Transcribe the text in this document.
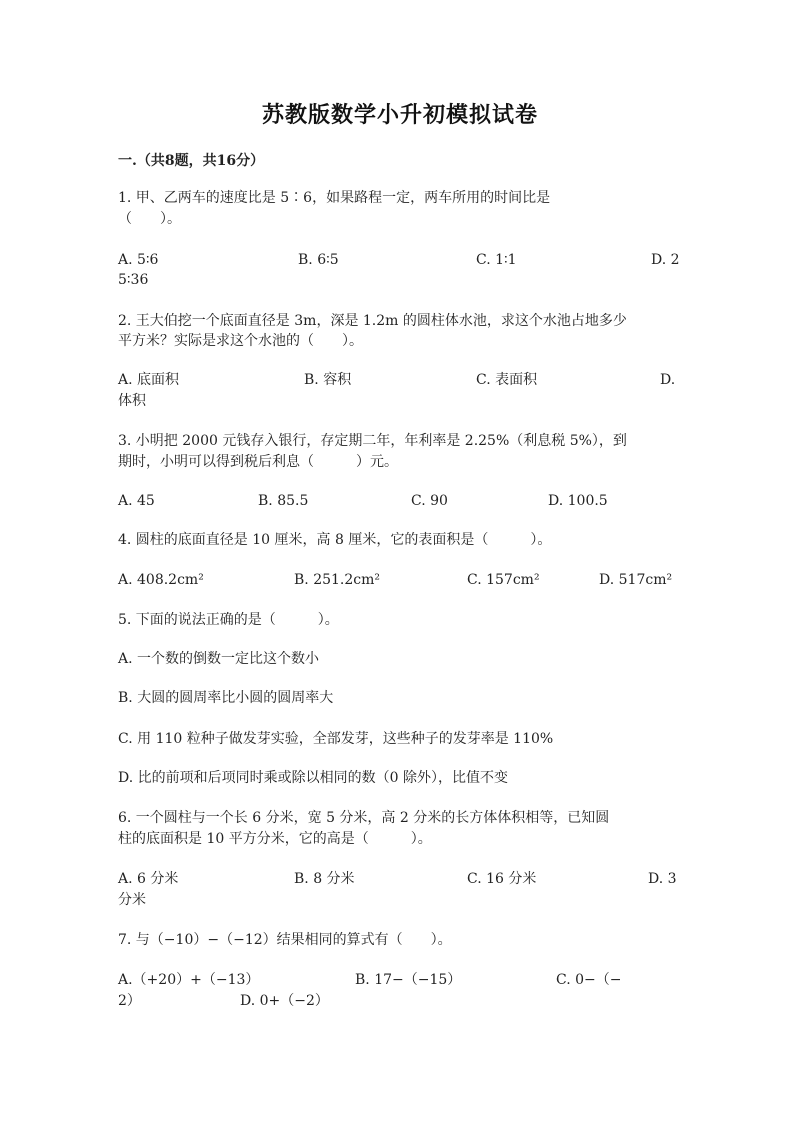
苏教版数学小升初模拟试卷
一.（共8题，共16分）
1. 甲、乙两车的速度比是 5∶6，如果路程一定，两车所用的时间比是
（　　）。
A. 5∶6	B. 6∶5	C. 1∶1	D. 2
5∶36
2. 王大伯挖一个底面直径是 3m，深是 1.2m 的圆柱体水池，求这个水池占地多少
平方米？实际是求这个水池的（　　）。
A. 底面积	B. 容积	C. 表面积	D.
体积
3. 小明把 2000 元钱存入银行，存定期二年，年利率是 2.25%（利息税 5%），到
期时，小明可以得到税后利息（　　　）元。
A. 45	B. 85.5	C. 90	D. 100.5
4. 圆柱的底面直径是 10 厘米，高 8 厘米，它的表面积是（　　　）。
A. 408.2cm²	B. 251.2cm²	C. 157cm²	D. 517cm²
5. 下面的说法正确的是（　　　）。
A. 一个数的倒数一定比这个数小
B. 大圆的圆周率比小圆的圆周率大
C. 用 110 粒种子做发芽实验，全部发芽，这些种子的发芽率是 110%
D. 比的前项和后项同时乘或除以相同的数（0 除外），比值不变
6. 一个圆柱与一个长 6 分米，宽 5 分米，高 2 分米的长方体体积相等，已知圆
柱的底面积是 10 平方分米，它的高是（　　　）。
A. 6 分米	B. 8 分米	C. 16 分米	D. 3
分米
7. 与（−10）−（−12）结果相同的算式有（　　）。
A.（+20）+（−13）	B. 17−（−15）	C. 0−（−
2）	D. 0+（−2）
